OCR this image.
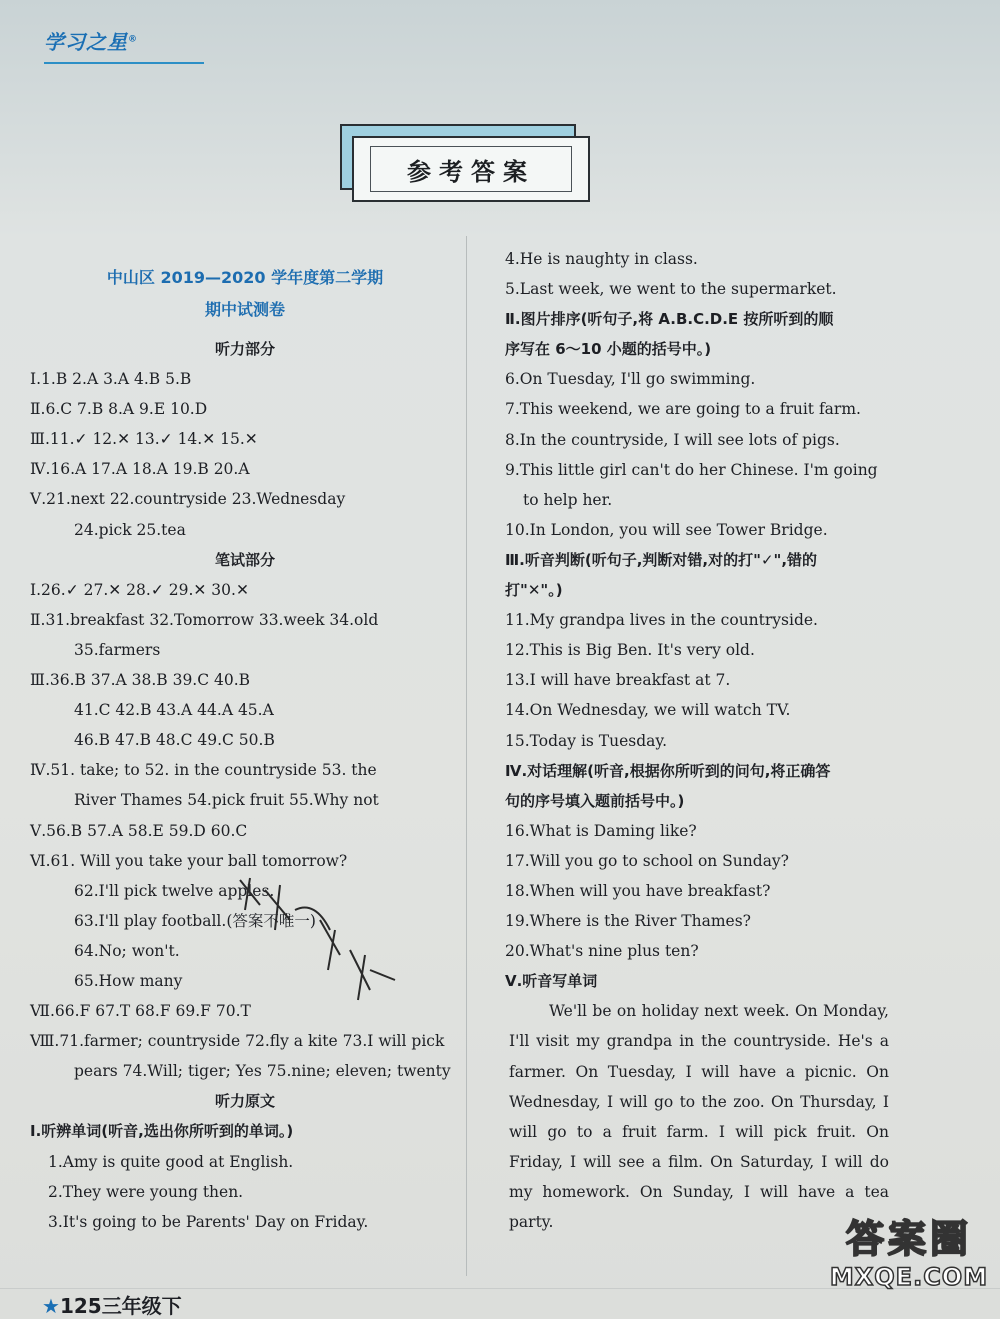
学习之星®
参考答案
中山区 2019—2020 学年度第二学期
期中试测卷
听力部分
Ⅰ.1.B 2.A 3.A 4.B 5.B
Ⅱ.6.C 7.B 8.A 9.E 10.D
Ⅲ.11.✓ 12.✕ 13.✓ 14.✕ 15.✕
Ⅳ.16.A 17.A 18.A 19.B 20.A
Ⅴ.21.next 22.countryside 23.Wednesday
24.pick 25.tea
笔试部分
Ⅰ.26.✓ 27.✕ 28.✓ 29.✕ 30.✕
Ⅱ.31.breakfast 32.Tomorrow 33.week 34.old
35.farmers
Ⅲ.36.B 37.A 38.B 39.C 40.B
41.C 42.B 43.A 44.A 45.A
46.B 47.B 48.C 49.C 50.B
Ⅳ.51. take; to 52. in the countryside 53. the
River Thames 54.pick fruit 55.Why not
Ⅴ.56.B 57.A 58.E 59.D 60.C
Ⅵ.61. Will you take your ball tomorrow?
62.I'll pick twelve apples.
63.I'll play football.(答案不唯一)
64.No; won't.
65.How many
Ⅶ.66.F 67.T 68.F 69.F 70.T
Ⅷ.71.farmer; countryside 72.fly a kite 73.I will pick
pears 74.Will; tiger; Yes 75.nine; eleven; twenty
听力原文
Ⅰ.听辨单词(听音,选出你所听到的单词。)
1.Amy is quite good at English.
2.They were young then.
3.It's going to be Parents' Day on Friday.
4.He is naughty in class.
5.Last week, we went to the supermarket.
Ⅱ.图片排序(听句子,将 A.B.C.D.E 按所听到的顺
序写在 6～10 小题的括号中。)
6.On Tuesday, I'll go swimming.
7.This weekend, we are going to a fruit farm.
8.In the countryside, I will see lots of pigs.
9.This little girl can't do her Chinese. I'm going
to help her.
10.In London, you will see Tower Bridge.
Ⅲ.听音判断(听句子,判断对错,对的打"✓",错的
打"✕"。)
11.My grandpa lives in the countryside.
12.This is Big Ben. It's very old.
13.I will have breakfast at 7.
14.On Wednesday, we will watch TV.
15.Today is Tuesday.
Ⅳ.对话理解(听音,根据你所听到的问句,将正确答
句的序号填入题前括号中。)
16.What is Daming like?
17.Will you go to school on Sunday?
18.When will you have breakfast?
19.Where is the River Thames?
20.What's nine plus ten?
Ⅴ.听音写单词
We'll be on holiday next week. On Monday, I'll visit my grandpa in the countryside. He's a farmer. On Tuesday, I will have a picnic. On Wednesday, I will go to the zoo. On Thursday, I will go to a fruit farm. I will pick fruit. On Friday, I will see a film. On Saturday, I will do my homework. On Sunday, I will have a tea party.
★125三年级下
答案圈
MXQE.COM
